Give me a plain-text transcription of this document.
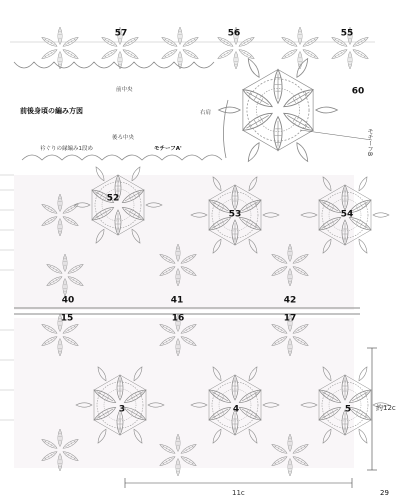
57	56	55
60
52
53	54
40	41	42
15	16	17
3	4	5
前中央
前後身頃の編み方図	右肩
後ろ中央
衿ぐりの縁編み1段め	モチーフA'	モチーフB
11c
約12c
29
